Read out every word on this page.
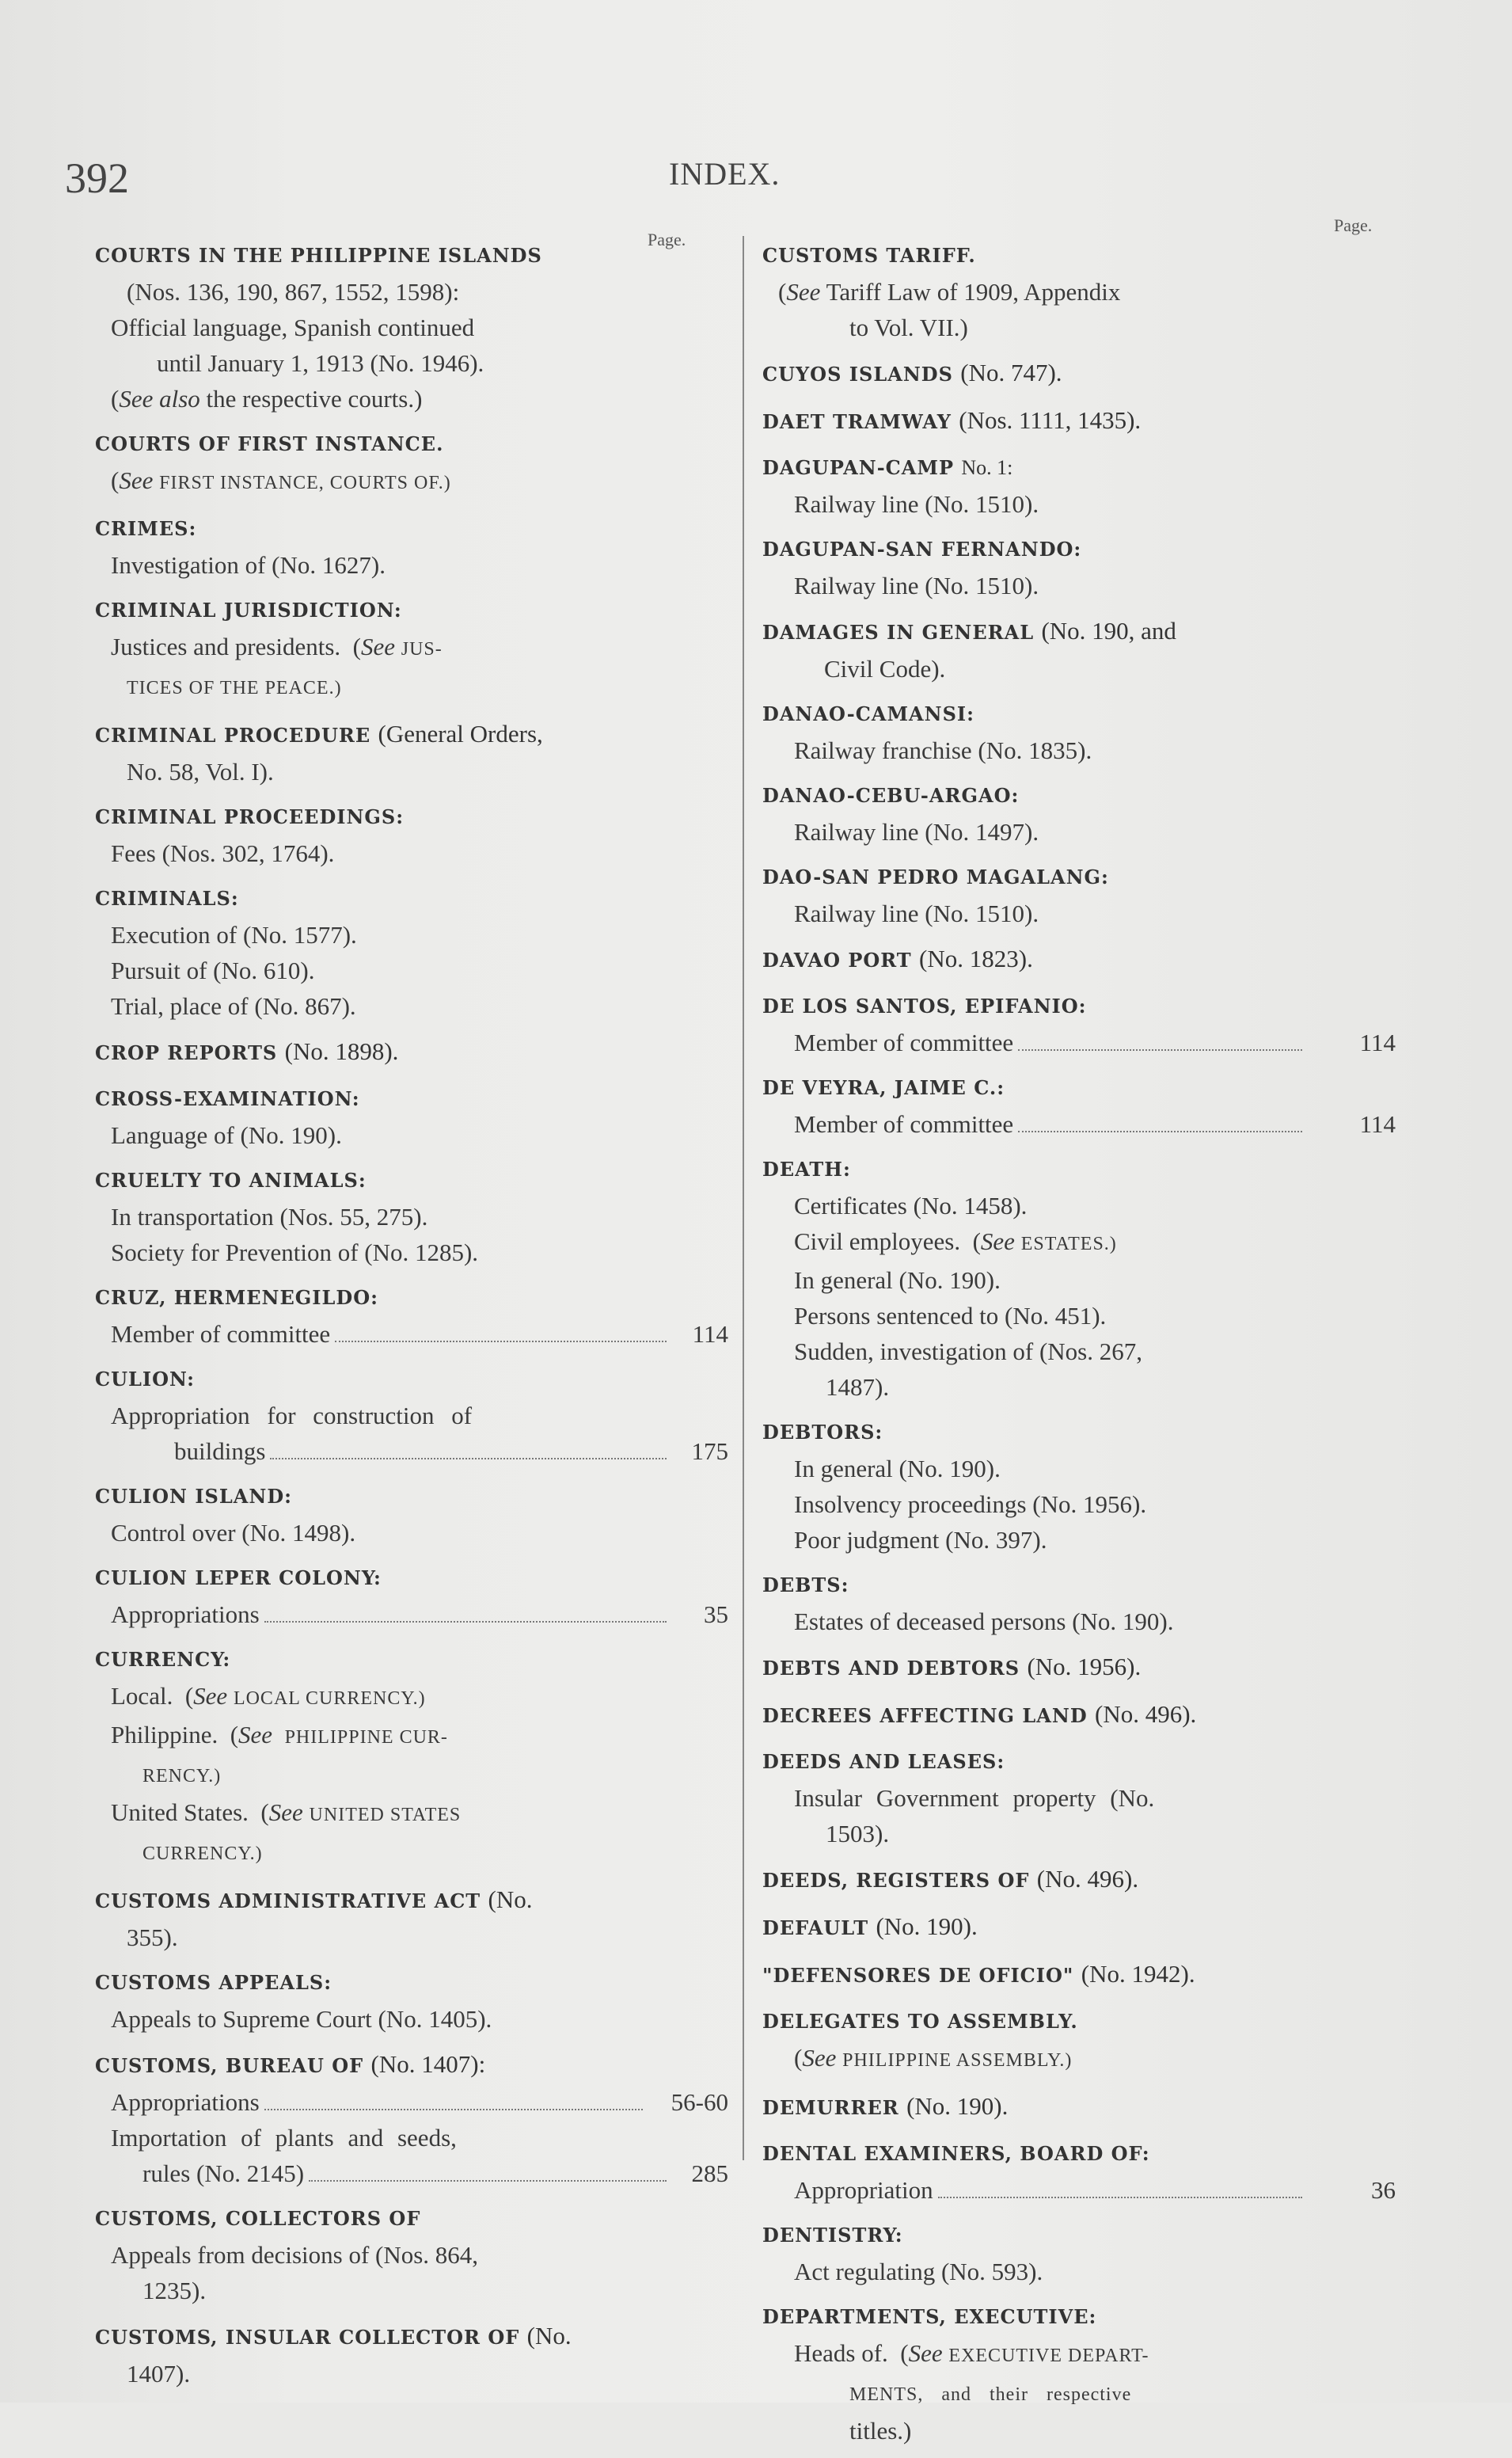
392	INDEX.
Page.
Page.
COURTS IN THE PHILIPPINE ISLANDS
(Nos. 136, 190, 867, 1552, 1598):
Official language, Spanish continued
until January 1, 1913 (No. 1946).
(See also the respective courts.)
COURTS OF FIRST INSTANCE.
(See FIRST INSTANCE, COURTS OF.)
CRIMES:
Investigation of (No. 1627).
CRIMINAL JURISDICTION:
Justices and presidents.  (See JUS-
TICES OF THE PEACE.)
CRIMINAL PROCEDURE (General Orders,
No. 58, Vol. I).
CRIMINAL PROCEEDINGS:
Fees (Nos. 302, 1764).
CRIMINALS:
Execution of (No. 1577).
Pursuit of (No. 610).
Trial, place of (No. 867).
CROP REPORTS (No. 1898).
CROSS-EXAMINATION:
Language of (No. 190).
CRUELTY TO ANIMALS:
In transportation (Nos. 55, 275).
Society for Prevention of (No. 1285).
CRUZ, HERMENEGILDO:
Member of committee	114
CULION:
Appropriation for construction of
buildings	175
CULION ISLAND:
Control over (No. 1498).
CULION LEPER COLONY:
Appropriations	35
CURRENCY:
Local.  (See LOCAL CURRENCY.)
Philippine.  (See PHILIPPINE CUR-
RENCY.)
United States.  (See UNITED STATES
CURRENCY.)
CUSTOMS ADMINISTRATIVE ACT (No.
355).
CUSTOMS APPEALS:
Appeals to Supreme Court (No. 1405).
CUSTOMS, BUREAU OF (No. 1407):
Appropriations	56-60
Importation of plants and seeds,
rules (No. 2145)	285
CUSTOMS, COLLECTORS OF
Appeals from decisions of (Nos. 864,
1235).
CUSTOMS, INSULAR COLLECTOR OF (No.
1407).
CUSTOMS TARIFF.
(See Tariff Law of 1909, Appendix
to Vol. VII.)
CUYOS ISLANDS (No. 747).
DAET TRAMWAY (Nos. 1111, 1435).
DAGUPAN-CAMP No. 1:
Railway line (No. 1510).
DAGUPAN-SAN FERNANDO:
Railway line (No. 1510).
DAMAGES IN GENERAL (No. 190, and
Civil Code).
DANAO-CAMANSI:
Railway franchise (No. 1835).
DANAO-CEBU-ARGAO:
Railway line (No. 1497).
DAO-SAN PEDRO MAGALANG:
Railway line (No. 1510).
DAVAO PORT (No. 1823).
DE LOS SANTOS, EPIFANIO:
Member of committee	114
DE VEYRA, JAIME C.:
Member of committee	114
DEATH:
Certificates (No. 1458).
Civil employees.  (See ESTATES.)
In general (No. 190).
Persons sentenced to (No. 451).
Sudden, investigation of (Nos. 267,
1487).
DEBTORS:
In general (No. 190).
Insolvency proceedings (No. 1956).
Poor judgment (No. 397).
DEBTS:
Estates of deceased persons (No. 190).
DEBTS AND DEBTORS (No. 1956).
DECREES AFFECTING LAND (No. 496).
DEEDS AND LEASES:
Insular Government property (No.
1503).
DEEDS, REGISTERS OF (No. 496).
DEFAULT (No. 190).
"DEFENSORES DE OFICIO" (No. 1942).
DELEGATES TO ASSEMBLY.
(See PHILIPPINE ASSEMBLY.)
DEMURRER (No. 190).
DENTAL EXAMINERS, BOARD OF:
Appropriation	36
DENTISTRY:
Act regulating (No. 593).
DEPARTMENTS, EXECUTIVE:
Heads of.  (See EXECUTIVE DEPART-
MENTS, and their respective
titles.)
